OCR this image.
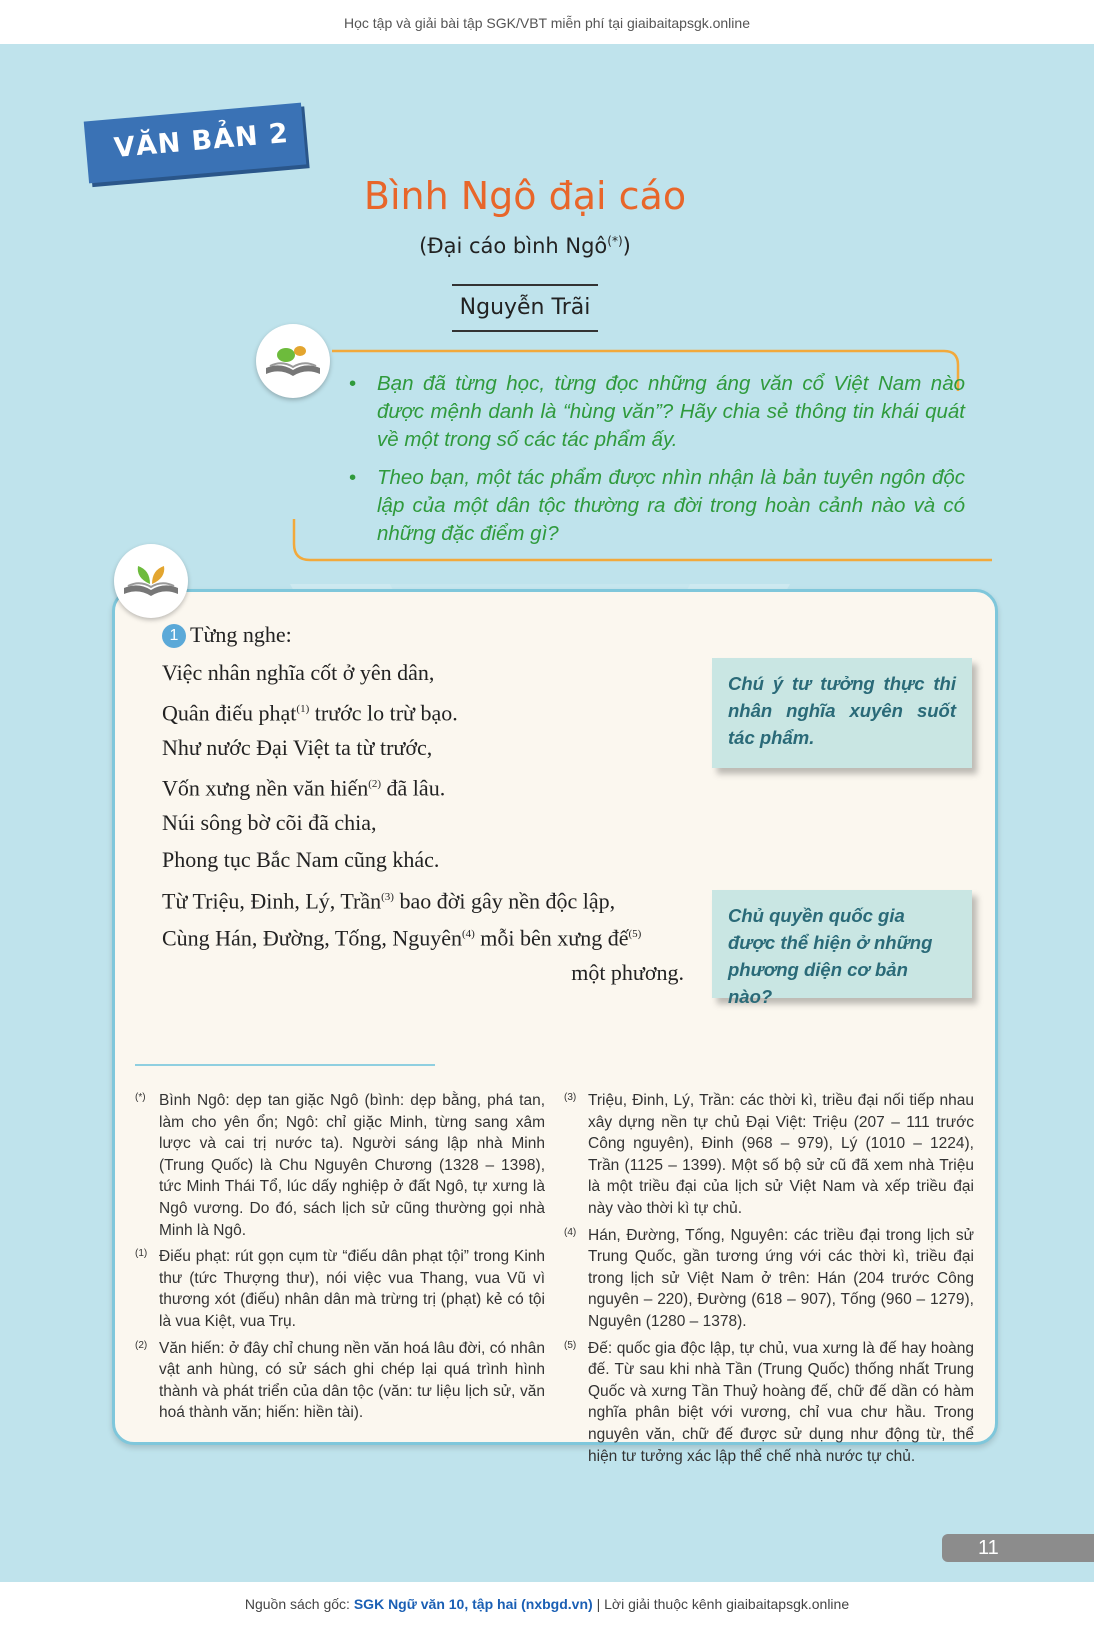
Học tập và giải bài tập SGK/VBT miễn phí tại giaibaitapsgk.online
VĂN BẢN 2
Bình Ngô đại cáo
(Đại cáo bình Ngô(*))
Nguyễn Trãi
• Bạn đã từng học, từng đọc những áng văn cổ Việt Nam nào được mệnh danh là “hùng văn”? Hãy chia sẻ thông tin khái quát về một trong số các tác phẩm ấy.
• Theo bạn, một tác phẩm được nhìn nhận là bản tuyên ngôn độc lập của một dân tộc thường ra đời trong hoàn cảnh nào và có những đặc điểm gì?
1 Từng nghe:
Việc nhân nghĩa cốt ở yên dân,
Quân điếu phạt$^{(1)}$ trước lo trừ bạo.
Như nước Đại Việt ta từ trước,
Vốn xưng nền văn hiến$^{(2)}$ đã lâu.
Núi sông bờ cõi đã chia,
Phong tục Bắc Nam cũng khác.
Từ Triệu, Đinh, Lý, Trần$^{(3)}$ bao đời gây nền độc lập,
Cùng Hán, Đường, Tống, Nguyên$^{(4)}$ mỗi bên xưng đế$^{(5)}$
một phương.
Chú ý tư tưởng thực thi nhân nghĩa xuyên suốt tác phẩm.
Chủ quyền quốc gia được thể hiện ở những phương diện cơ bản nào?
(*) Bình Ngô: dẹp tan giặc Ngô (bình: dẹp bằng, phá tan, làm cho yên ổn; Ngô: chỉ giặc Minh, từng sang xâm lược và cai trị nước ta). Người sáng lập nhà Minh (Trung Quốc) là Chu Nguyên Chương (1328 – 1398), tức Minh Thái Tổ, lúc dấy nghiệp ở đất Ngô, tự xưng là Ngô vương. Do đó, sách lịch sử cũng thường gọi nhà Minh là Ngô.
(1) Điếu phạt: rút gọn cụm từ “điếu dân phạt tội” trong Kinh thư (tức Thượng thư), nói việc vua Thang, vua Vũ vì thương xót (điếu) nhân dân mà trừng trị (phạt) kẻ có tội là vua Kiệt, vua Trụ.
(2) Văn hiến: ở đây chỉ chung nền văn hoá lâu đời, có nhân vật anh hùng, có sử sách ghi chép lại quá trình hình thành và phát triển của dân tộc (văn: tư liệu lịch sử, văn hoá thành văn; hiến: hiền tài).
(3) Triệu, Đinh, Lý, Trần: các thời kì, triều đại nối tiếp nhau xây dựng nền tự chủ Đại Việt: Triệu (207 – 111 trước Công nguyên), Đinh (968 – 979), Lý (1010 – 1224), Trần (1125 – 1399). Một số bộ sử cũ đã xem nhà Triệu là một triều đại của lịch sử Việt Nam và xếp triều đại này vào thời kì tự chủ.
(4) Hán, Đường, Tống, Nguyên: các triều đại trong lịch sử Trung Quốc, gần tương ứng với các thời kì, triều đại trong lịch sử Việt Nam ở trên: Hán (204 trước Công nguyên – 220), Đường (618 – 907), Tống (960 – 1279), Nguyên (1280 – 1378).
(5) Đế: quốc gia độc lập, tự chủ, vua xưng là đế hay hoàng đế. Từ sau khi nhà Tần (Trung Quốc) thống nhất Trung Quốc và xưng Tần Thuỷ hoàng đế, chữ đế dần có hàm nghĩa phân biệt với vương, chỉ vua chư hầu. Trong nguyên văn, chữ đế được sử dụng như động từ, thể hiện tư tưởng xác lập thể chế nhà nước tự chủ.
11
Nguồn sách gốc: SGK Ngữ văn 10, tập hai (nxbgd.vn) | Lời giải thuộc kênh giaibaitapsgk.online
